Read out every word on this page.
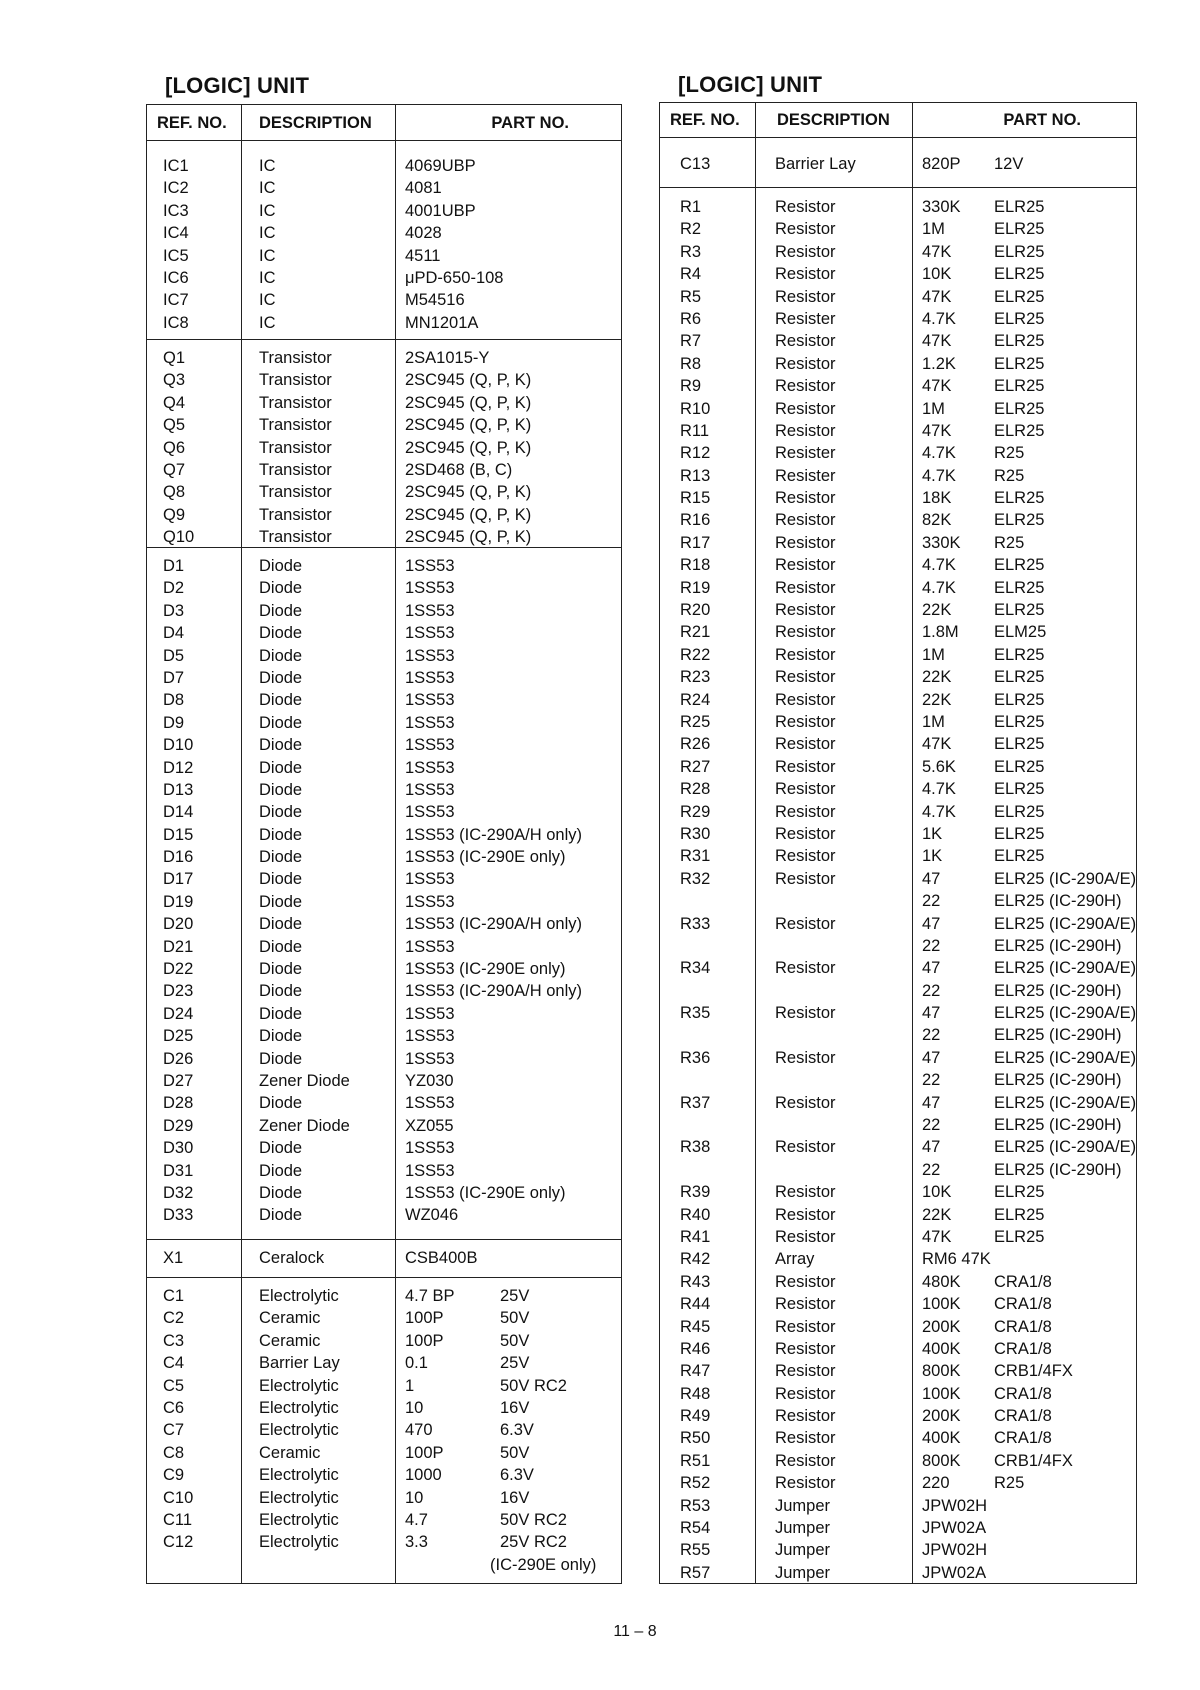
[LOGIC] UNIT	[LOGIC] UNIT
REF. NO. DESCRIPTION	PART NO.
IC1	IC	4069UBP
IC2	IC	4081
IC3	IC	4001UBP
IC4	IC	4028
IC5	IC	4511
IC6	IC	μPD-650-108
IC7	IC	M54516
IC8	IC	MN1201A
Q1	Transistor	2SA1015-Y
Q3	Transistor	2SC945 (Q, P, K)
Q4	Transistor	2SC945 (Q, P, K)
Q5	Transistor	2SC945 (Q, P, K)
Q6	Transistor	2SC945 (Q, P, K)
Q7	Transistor	2SD468 (B, C)
Q8	Transistor	2SC945 (Q, P, K)
Q9	Transistor	2SC945 (Q, P, K)
Q10	Transistor	2SC945 (Q, P, K)
D1	Diode	1SS53
D2	Diode	1SS53
D3	Diode	1SS53
D4	Diode	1SS53
D5	Diode	1SS53
D7	Diode	1SS53
D8	Diode	1SS53
D9	Diode	1SS53
D10	Diode	1SS53
D12	Diode	1SS53
D13	Diode	1SS53
D14	Diode	1SS53
D15	Diode	1SS53 (IC-290A/H only)
D16	Diode	1SS53 (IC-290E only)
D17	Diode	1SS53
D19	Diode	1SS53
D20	Diode	1SS53 (IC-290A/H only)
D21	Diode	1SS53
D22	Diode	1SS53 (IC-290E only)
D23	Diode	1SS53 (IC-290A/H only)
D24	Diode	1SS53
D25	Diode	1SS53
D26	Diode	1SS53
D27	Zener Diode	YZ030
D28	Diode	1SS53
D29	Zener Diode	XZ055
D30	Diode	1SS53
D31	Diode	1SS53
D32	Diode	1SS53 (IC-290E only)
D33	Diode	WZ046
X1	Ceralock	CSB400B
C1	Electrolytic	4.7 BP	25V
C2	Ceramic	100P	50V
C3	Ceramic	100P	50V
C4	Barrier Lay	0.1	25V
C5	Electrolytic	1	50V RC2
C6	Electrolytic	10	16V
C7	Electrolytic	470	6.3V
C8	Ceramic	100P	50V
C9	Electrolytic	1000	6.3V
C10	Electrolytic	10	16V
C11	Electrolytic	4.7	50V RC2
C12	Electrolytic	3.3	25V RC2
(IC-290E only)
REF. NO. DESCRIPTION	PART NO.
C13	Barrier Lay	820P 12V
R1	Resistor	330K ELR25
R2	Resistor	1M	ELR25
R3	Resistor	47K	ELR25
R4	Resistor	10K	ELR25
R5	Resistor	47K	ELR25
R6	Resister	4.7K ELR25
R7	Resistor	47K	ELR25
R8	Resistor	1.2K ELR25
R9	Resistor	47K	ELR25
R10	Resistor	1M	ELR25
R11	Resistor	47K	ELR25
R12	Resister	4.7K R25
R13	Resister	4.7K R25
R15	Resistor	18K	ELR25
R16	Resistor	82K	ELR25
R17	Resistor	330K R25
R18	Resistor	4.7K ELR25
R19	Resistor	4.7K ELR25
R20	Resistor	22K	ELR25
R21	Resistor	1.8M ELM25
R22	Resistor	1M	ELR25
R23	Resistor	22K	ELR25
R24	Resistor	22K	ELR25
R25	Resistor	1M	ELR25
R26	Resistor	47K	ELR25
R27	Resistor	5.6K ELR25
R28	Resistor	4.7K ELR25
R29	Resistor	4.7K ELR25
R30	Resistor	1K	ELR25
R31	Resistor	1K	ELR25
R32	Resistor	47	ELR25 (IC-290A/E)
22	ELR25 (IC-290H)
R33	Resistor	47	ELR25 (IC-290A/E)
22	ELR25 (IC-290H)
R34	Resistor	47	ELR25 (IC-290A/E)
22	ELR25 (IC-290H)
R35	Resistor	47	ELR25 (IC-290A/E)
22	ELR25 (IC-290H)
R36	Resistor	47	ELR25 (IC-290A/E)
22	ELR25 (IC-290H)
R37	Resistor	47	ELR25 (IC-290A/E)
22	ELR25 (IC-290H)
R38	Resistor	47	ELR25 (IC-290A/E)
22	ELR25 (IC-290H)
R39	Resistor	10K	ELR25
R40	Resistor	22K	ELR25
R41	Resistor	47K	ELR25
R42	Array	RM6 47K
R43	Resistor	480K CRA1/8
R44	Resistor	100K CRA1/8
R45	Resistor	200K CRA1/8
R46	Resistor	400K CRA1/8
R47	Resistor	800K CRB1/4FX
R48	Resistor	100K CRA1/8
R49	Resistor	200K CRA1/8
R50	Resistor	400K CRA1/8
R51	Resistor	800K CRB1/4FX
R52	Resistor	220	R25
R53	Jumper	JPW02H
R54	Jumper	JPW02A
R55	Jumper	JPW02H
R57	Jumper	JPW02A
11 – 8
